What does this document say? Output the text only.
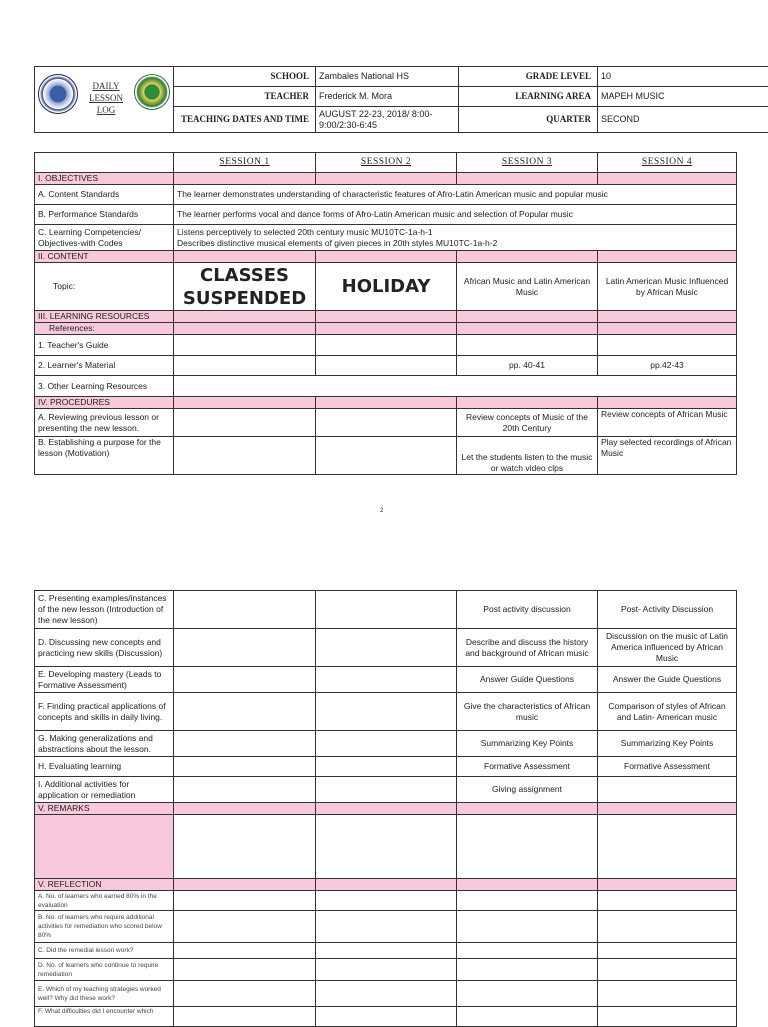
DAILY LESSON LOG
	SCHOOL	Zambales National HS	GRADE LEVEL	10
	TEACHER	Frederick M. Mora	LEARNING AREA	MAPEH MUSIC
	TEACHING DATES AND TIME	AUGUST 22-23, 2018/ 8:00-9:00/2:30-6:45	QUARTER	SECOND
	SESSION 1	SESSION 2	SESSION 3	SESSION 4
I. OBJECTIVES				
A. Content Standards	The learner demonstrates understanding of characteristic features of Afro-Latin American music and popular music			
B. Performance Standards	The learner performs vocal and dance forms of Afro-Latin American music and selection of Popular music			
C. Learning Competencies/ Objectives-with Codes	Listens perceptively to selected 20th century music MU10TC-1a-h-1
Describes distinctive musical elements of given pieces in 20th styles MU10TC-1a-h-2			

II. CONTENT				
Topic:	CLASSES SUSPENDED	HOLIDAY	African Music and Latin American Music	Latin American Music Influenced by African Music
III. LEARNING RESOURCES				
References:				
1. Teacher's Guide				
2. Learner's Material			pp. 40-41	pp.42-43
3. Other Learning Resources				
IV. PROCEDURES				
A. Reviewing previous lesson or presenting the new lesson.			Review concepts of Music of the 20th Century	Review concepts of African Music
B. Establishing a purpose for the lesson (Motivation)			Let the students listen to the music or watch video clps	Play selected recordings of African Music
2
C. Presenting examples/instances of the new lesson (Introduction of the new lesson)			Post activity discussion	Post- Activity Discussion
D. Discussing new concepts and practicing new skills (Discussion)			Describe and discuss the history and background of African music	Discussion on the music of Latin America influenced by African Music
E. Developing mastery (Leads to Formative Assessment)			Answer Guide Questions	Answer the Guide Questions
F. Finding practical applications of concepts and skills in daily living.			Give the characteristics of African music	Comparison of styles of African and Latin- American music
G. Making generalizations and abstractions about the lesson.			Summarizing Key Points	Summarizing Key Points
H. Evaluating learning			Formative Assessment	Formative Assessment
I. Additional activities for application or remediation			Giving assignment	
V. REMARKS				

V. REFLECTION				
A. No. of learners who earned 80% in the evaluation				
B. No. of learners who require additional activities for remediation who scored below 80%				
C. Did the remedial lesson work?				
D. No. of learners who continue to require remediation				
E. Which of my teaching strategies worked well? Why did these work?				
F. What difficulties did I encounter which				
